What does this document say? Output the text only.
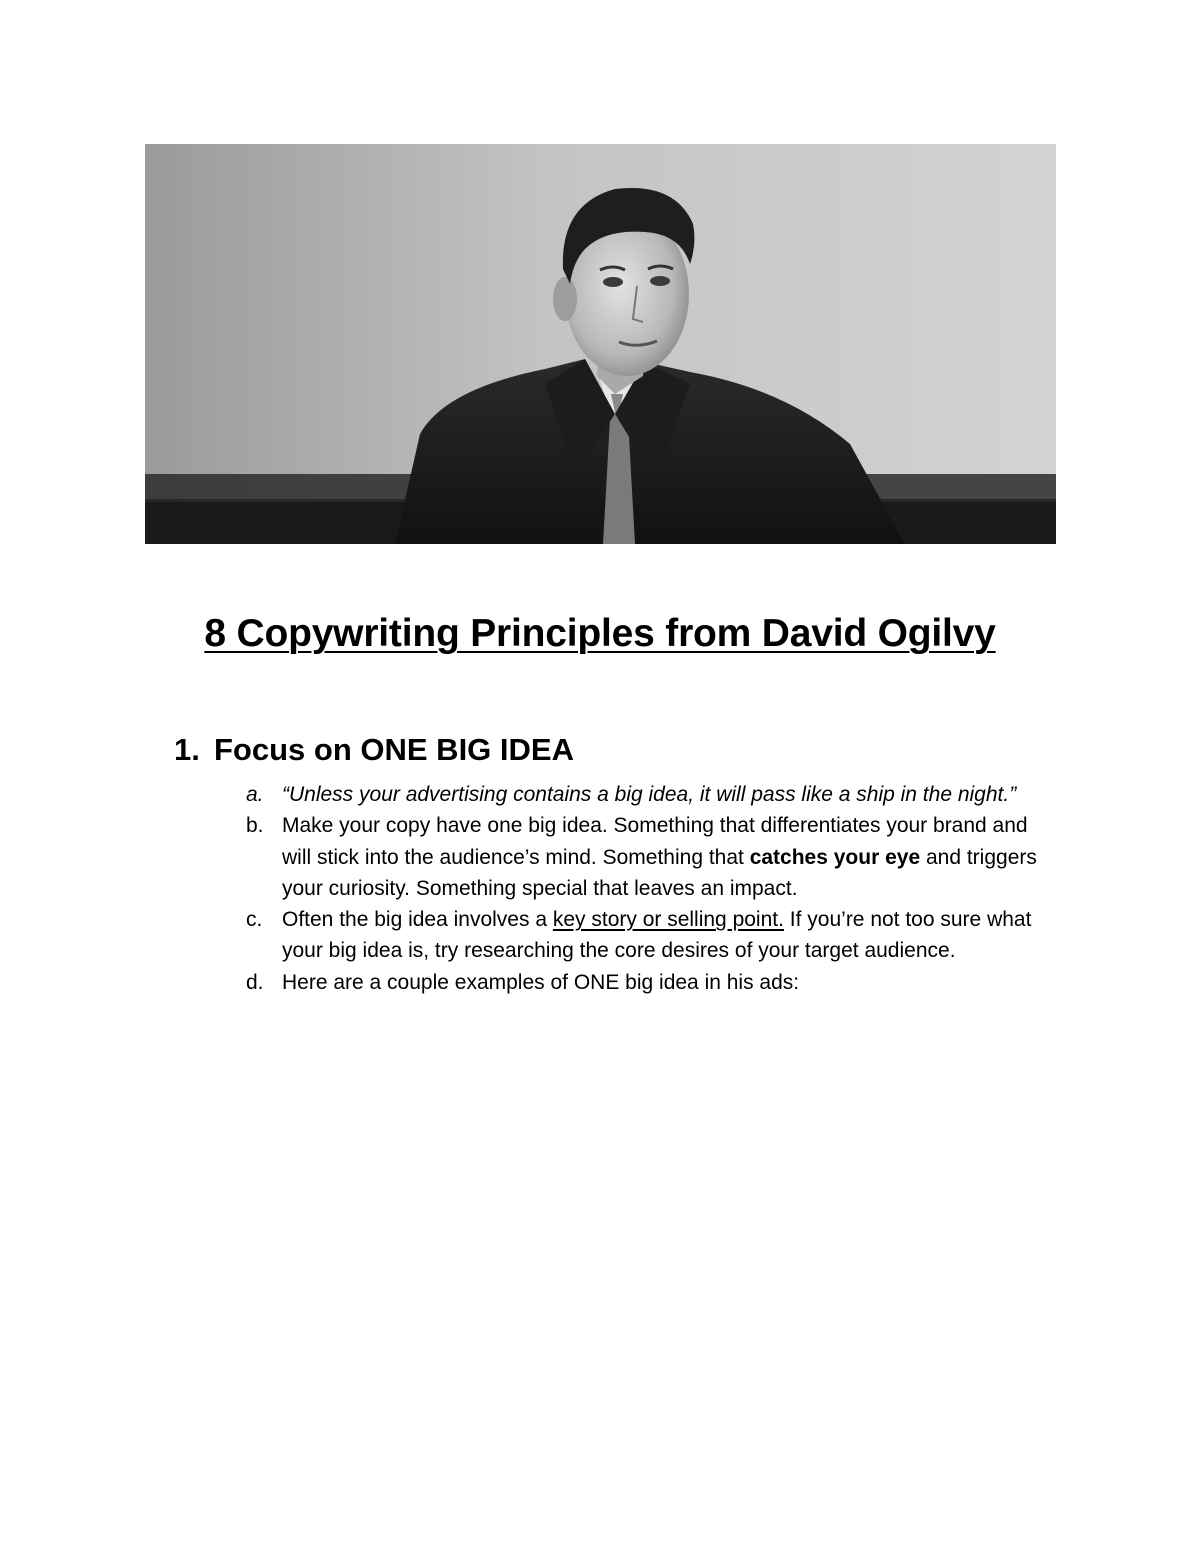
8 Copywriting Principles from David Ogilvy
1. Focus on ONE BIG IDEA
a. “Unless your advertising contains a big idea, it will pass like a ship in the night.”
b. Make your copy have one big idea. Something that differentiates your brand and will stick into the audience’s mind. Something that catches your eye and triggers your curiosity. Something special that leaves an impact.
c. Often the big idea involves a key story or selling point. If you’re not too sure what your big idea is, try researching the core desires of your target audience.
d. Here are a couple examples of ONE big idea in his ads:
